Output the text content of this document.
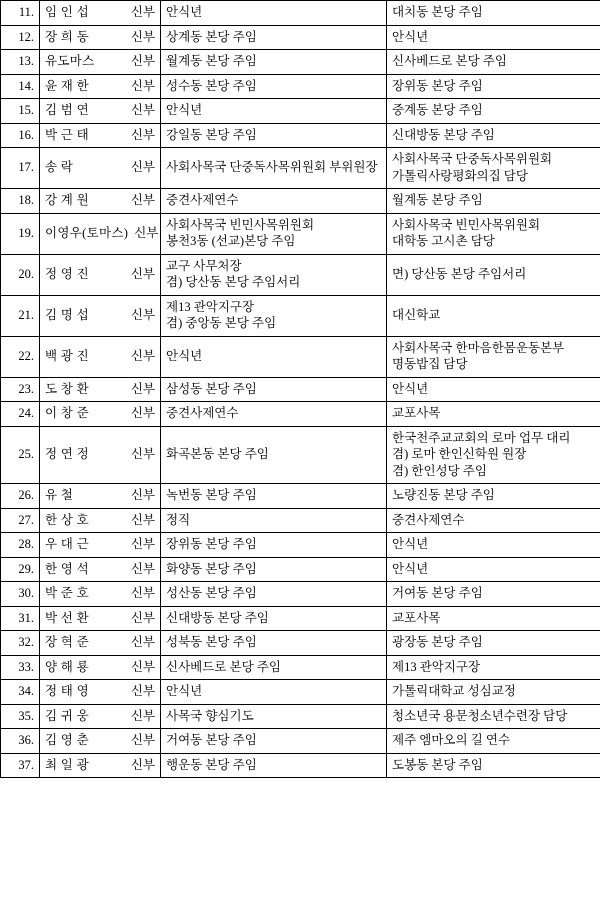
11.	임 인 섭 신부	안식년	대치동 본당 주임

12.	장 희 동 신부	상계동 본당 주임	안식년

13.	유도마스 신부	월계동 본당 주임	신사베드로 본당 주임

14.	윤 재 한 신부	성수동 본당 주임	장위동 본당 주임

15.	김 범 연 신부	안식년	중계동 본당 주임

16.	박 근 태 신부	강일동 본당 주임	신대방동 본당 주임

17.	송 락 신부	사회사목국 단중독사목위원회 부위원장	사회사목국 단중독사목위원회
가톨릭사랑평화의집 담당

18.	강 계 원 신부	중견사제연수	월계동 본당 주임

19.	이영우(토마스) 신부	사회사목국 빈민사목위원회
봉천3동 (선교)본당 주임	사회사목국 빈민사목위원회
대학동 고시촌 담당

20.	정 영 진 신부	교구 사무처장
겸) 당산동 본당 주임서리	면) 당산동 본당 주임서리

21.	김 명 섭 신부	제13 관악지구장
겸) 중앙동 본당 주임	대신학교

22.	백 광 진 신부	안식년	사회사목국 한마음한몸운동본부
명동밥집 담당

23.	도 창 환 신부	삼성동 본당 주임	안식년

24.	이 창 준 신부	중견사제연수	교포사목

25.	정 연 정 신부	화곡본동 본당 주임	한국천주교교회의 로마 업무 대리
겸) 로마 한인신학원 원장
겸) 한인성당 주임

26.	유 철 신부	녹번동 본당 주임	노량진동 본당 주임

27.	한 상 호 신부	정직	중견사제연수

28.	우 대 근 신부	장위동 본당 주임	안식년

29.	한 영 석 신부	화양동 본당 주임	안식년

30.	박 준 호 신부	성산동 본당 주임	거여동 본당 주임

31.	박 선 환 신부	신대방동 본당 주임	교포사목

32.	장 혁 준 신부	성북동 본당 주임	광장동 본당 주임

33.	양 해 룡 신부	신사베드로 본당 주임	제13 관악지구장

34.	정 태 영 신부	안식년	가톨릭대학교 성심교정

35.	김 귀 웅 신부	사목국 향심기도	청소년국 용문청소년수련장 담당

36.	김 영 춘 신부	거여동 본당 주임	제주 엠마오의 길 연수

37.	최 일 광 신부	행운동 본당 주임	도봉동 본당 주임
